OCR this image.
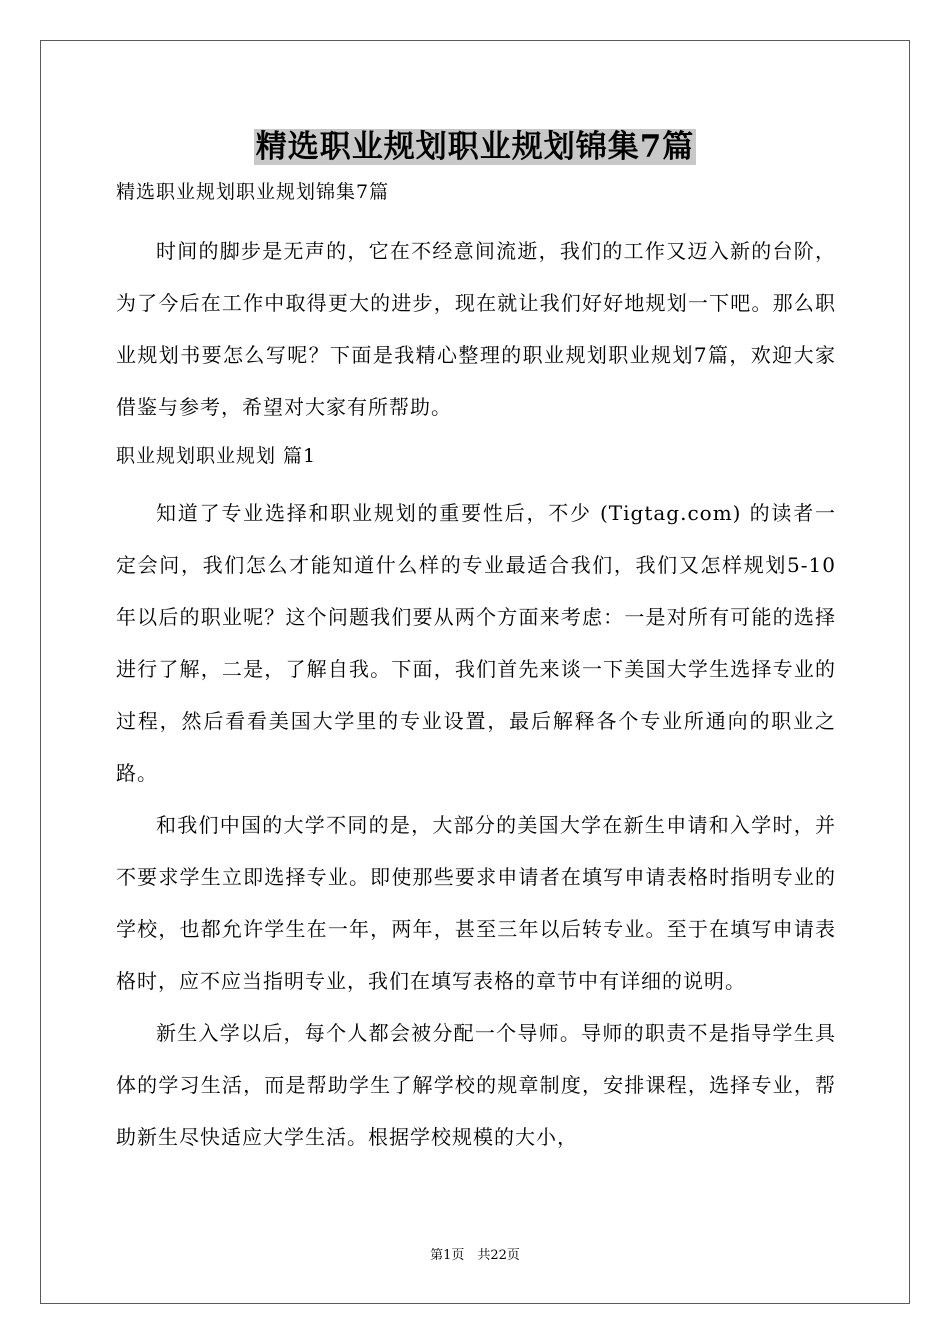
精选职业规划职业规划锦集7篇

精选职业规划职业规划锦集7篇

时间的脚步是无声的，它在不经意间流逝，我们的工作又迈入新的台阶，为了今后在工作中取得更大的进步，现在就让我们好好地规划一下吧。那么职业规划书要怎么写呢？下面是我精心整理的职业规划职业规划7篇，欢迎大家借鉴与参考，希望对大家有所帮助。

职业规划职业规划 篇1

知道了专业选择和职业规划的重要性后，不少 (Tigtag.com) 的读者一定会问，我们怎么才能知道什么样的专业最适合我们，我们又怎样规划5-10年以后的职业呢？这个问题我们要从两个方面来考虑：一是对所有可能的选择进行了解，二是，了解自我。下面，我们首先来谈一下美国大学生选择专业的过程，然后看看美国大学里的专业设置，最后解释各个专业所通向的职业之路。

和我们中国的大学不同的是，大部分的美国大学在新生申请和入学时，并不要求学生立即选择专业。即使那些要求申请者在填写申请表格时指明专业的学校，也都允许学生在一年，两年，甚至三年以后转专业。至于在填写申请表格时，应不应当指明专业，我们在填写表格的章节中有详细的说明。

新生入学以后，每个人都会被分配一个导师。导师的职责不是指导学生具体的学习生活，而是帮助学生了解学校的规章制度，安排课程，选择专业，帮助新生尽快适应大学生活。根据学校规模的大小，

第1页　共22页
